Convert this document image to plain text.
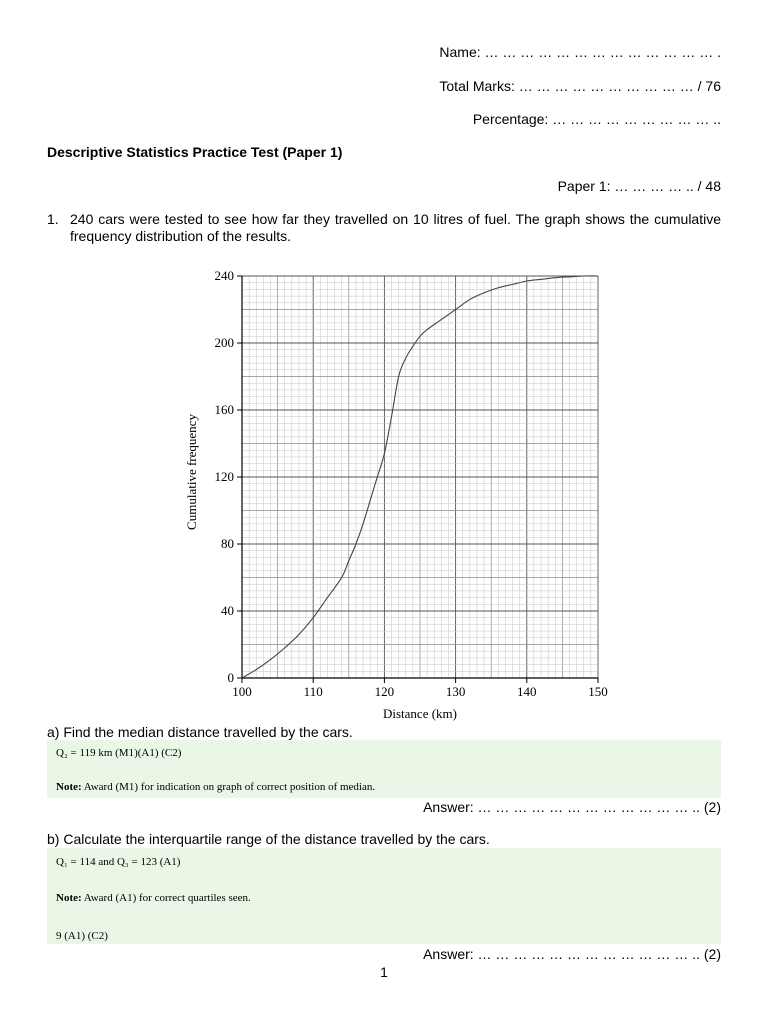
Name: … … … … … … … … … … … … … .
Total Marks: … … … … … … … … … … / 76
Percentage: … … … … … … … … … ..
Descriptive Statistics Practice Test (Paper 1)
Paper 1: … … … … .. / 48
1. 240 cars were tested to see how far they travelled on 10 litres of fuel. The graph shows the cumulative frequency distribution of the results.
100	110	120	130	140	150
0
40
80
120
160
200
240
Distance (km)
Cumulative frequency
a) Find the median distance travelled by the cars.
Q₂ = 119 km (M1)(A1) (C2)
Note: Award (M1) for indication on graph of correct position of median.
Answer: … … … … … … … … … … … … .. (2)
b) Calculate the interquartile range of the distance travelled by the cars.
Q₁ = 114 and Q₃ = 123 (A1)
Note: Award (A1) for correct quartiles seen.
9 (A1) (C2)
Answer: … … … … … … … … … … … … .. (2)
1
